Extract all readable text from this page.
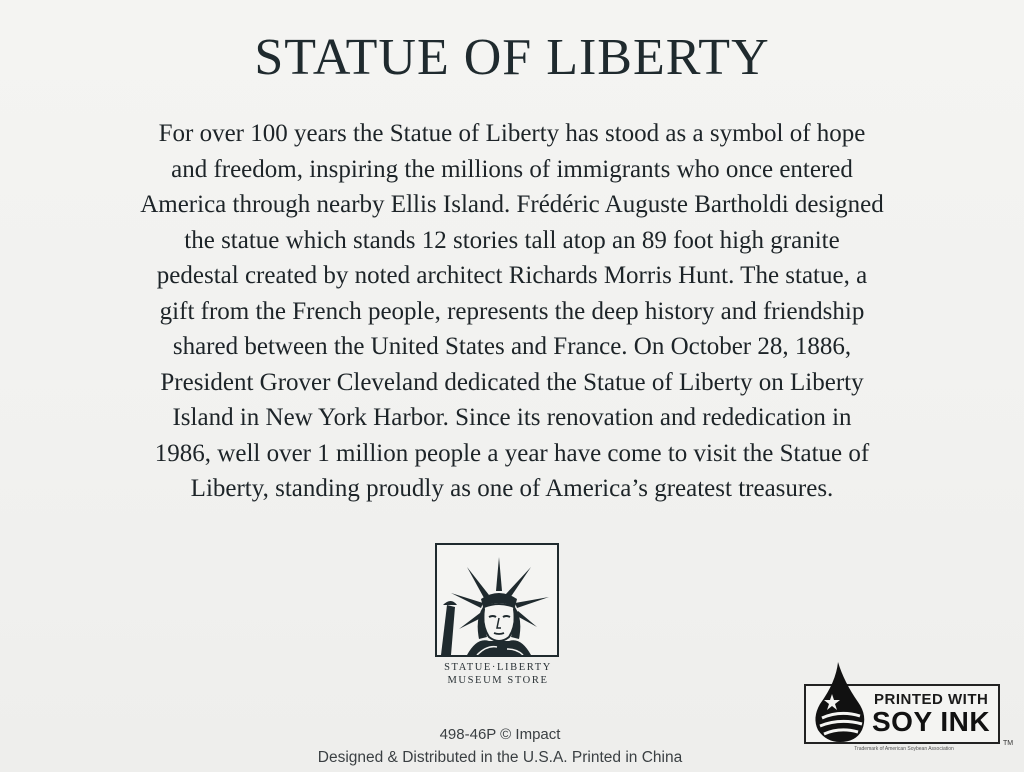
STATUE OF LIBERTY
For over 100 years the Statue of Liberty has stood as a symbol of hope
and freedom, inspiring the millions of immigrants who once entered
America through nearby Ellis Island. Frédéric Auguste Bartholdi designed
the statue which stands 12 stories tall atop an 89 foot high granite
pedestal created by noted architect Richards Morris Hunt. The statue, a
gift from the French people, represents the deep history and friendship
shared between the United States and France. On October 28, 1886,
President Grover Cleveland dedicated the Statue of Liberty on Liberty
Island in New York Harbor. Since its renovation and rededication in
1986, well over 1 million people a year have come to visit the Statue of
Liberty, standing proudly as one of America’s greatest treasures.
STATUE·LIBERTY
MUSEUM STORE
498-46P © Impact
Designed & Distributed in the U.S.A. Printed in China
PRINTED WITH
SOY INK
Trademark of American Soybean Association
TM
